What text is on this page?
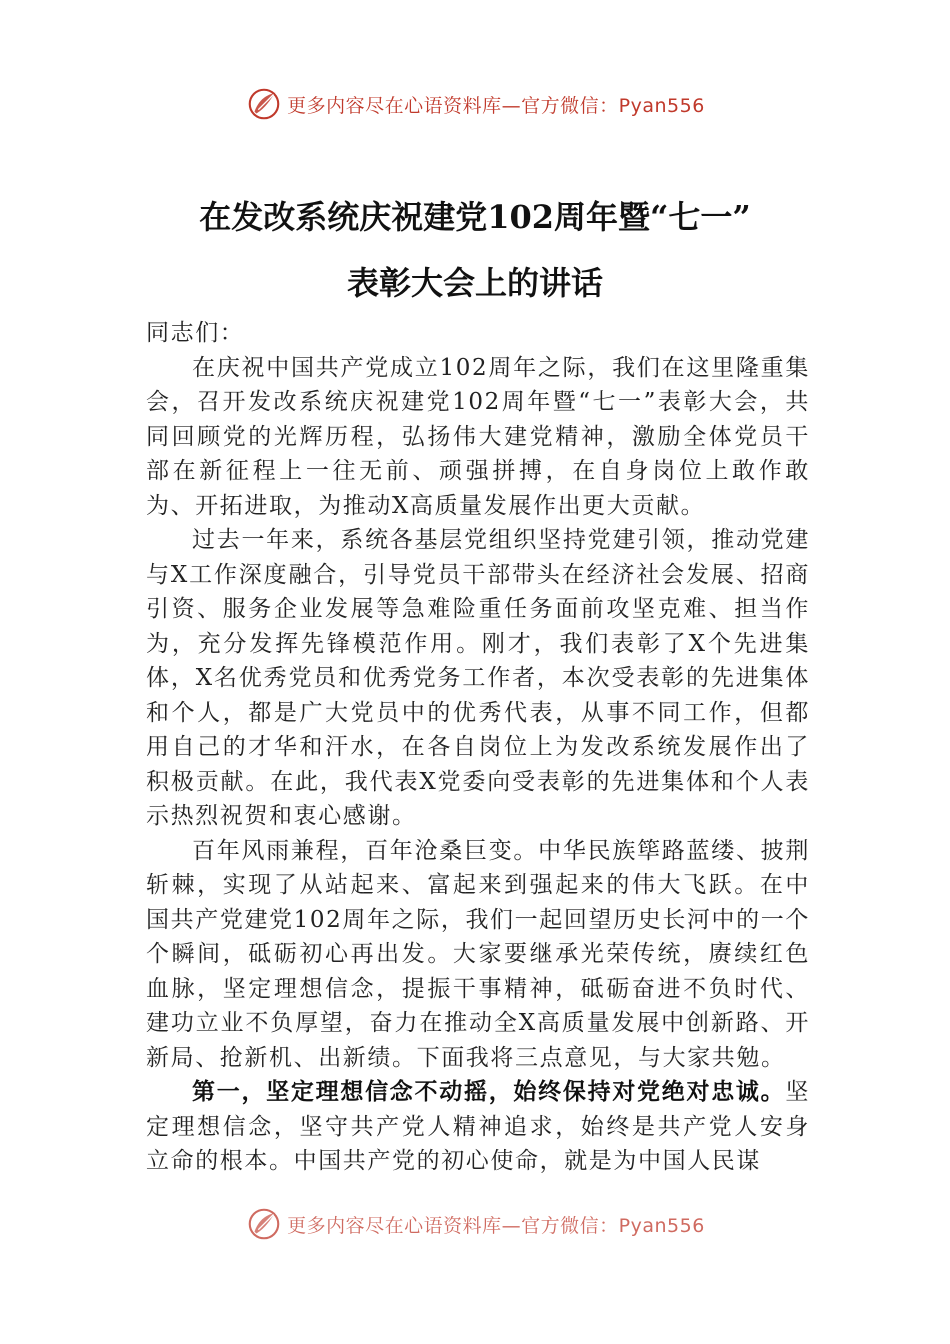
更多内容尽在心语资料库—官方微信：Pyan556
在发改系统庆祝建党102周年暨“七一”
表彰大会上的讲话

同志们：

在庆祝中国共产党成立102周年之际，我们在这里隆重集会，召开发改系统庆祝建党102周年暨“七一”表彰大会，共同回顾党的光辉历程，弘扬伟大建党精神，激励全体党员干部在新征程上一往无前、顽强拼搏，在自身岗位上敢作敢为、开拓进取，为推动X高质量发展作出更大贡献。

过去一年来，系统各基层党组织坚持党建引领，推动党建与X工作深度融合，引导党员干部带头在经济社会发展、招商引资、服务企业发展等急难险重任务面前攻坚克难、担当作为，充分发挥先锋模范作用。刚才，我们表彰了X个先进集体，X名优秀党员和优秀党务工作者，本次受表彰的先进集体和个人，都是广大党员中的优秀代表，从事不同工作，但都用自己的才华和汗水，在各自岗位上为发改系统发展作出了积极贡献。在此，我代表X党委向受表彰的先进集体和个人表示热烈祝贺和衷心感谢。

百年风雨兼程，百年沧桑巨变。中华民族筚路蓝缕、披荆斩棘，实现了从站起来、富起来到强起来的伟大飞跃。在中国共产党建党102周年之际，我们一起回望历史长河中的一个个瞬间，砥砺初心再出发。大家要继承光荣传统，赓续红色血脉，坚定理想信念，提振干事精神，砥砺奋进不负时代、建功立业不负厚望，奋力在推动全X高质量发展中创新路、开新局、抢新机、出新绩。下面我将三点意见，与大家共勉。

第一，坚定理想信念不动摇，始终保持对党绝对忠诚。坚定理想信念，坚守共产党人精神追求，始终是共产党人安身立命的根本。中国共产党的初心使命，就是为中国人民谋

更多内容尽在心语资料库—官方微信：Pyan556
